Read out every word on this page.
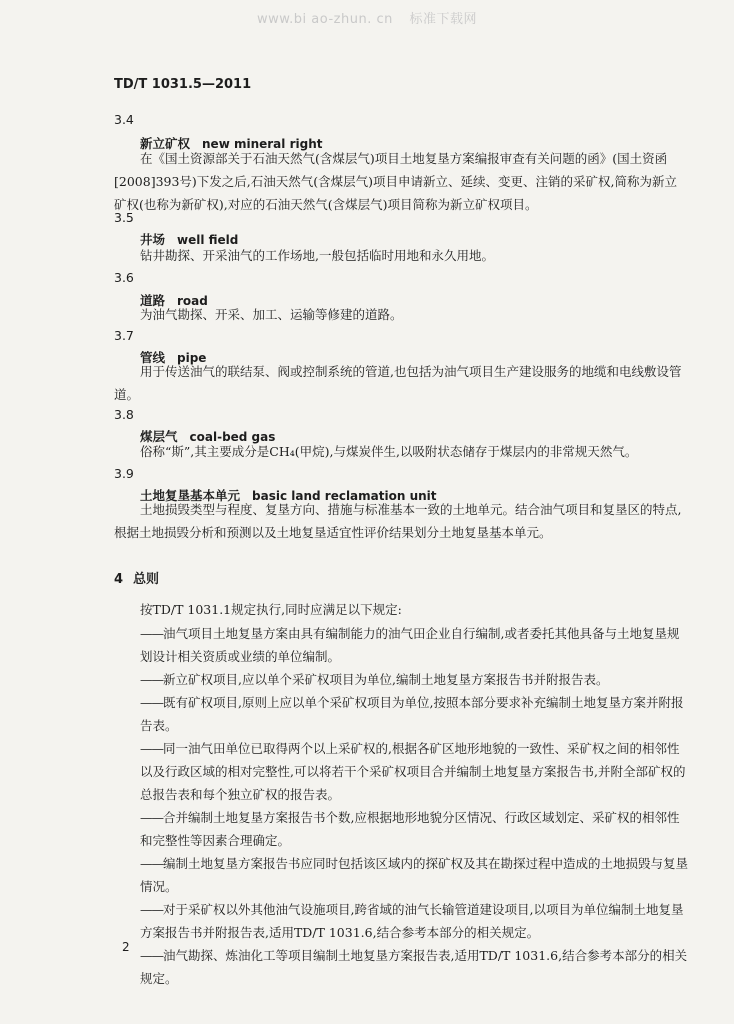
www.bi ao-zhun. cn 标准下载网
TD/T 1031.5—2011
3.4
新立矿权 new mineral right
在《国土资源部关于石油天然气(含煤层气)项目土地复垦方案编报审查有关问题的函》(国土资函[2008]393号)下发之后,石油天然气(含煤层气)项目申请新立、延续、变更、注销的采矿权,简称为新立矿权(也称为新矿权),对应的石油天然气(含煤层气)项目简称为新立矿权项目。
3.5
井场 well field
钻井勘探、开采油气的工作场地,一般包括临时用地和永久用地。
3.6
道路 road
为油气勘探、开采、加工、运输等修建的道路。
3.7
管线 pipe
用于传送油气的联结泵、阀或控制系统的管道,也包括为油气项目生产建设服务的地缆和电线敷设管道。
3.8
煤层气 coal-bed gas
俗称“斯”,其主要成分是CH₄(甲烷),与煤炭伴生,以吸附状态储存于煤层内的非常规天然气。
3.9
土地复垦基本单元 basic land reclamation unit
土地损毁类型与程度、复垦方向、措施与标准基本一致的土地单元。结合油气项目和复垦区的特点,根据土地损毁分析和预测以及土地复垦适宜性评价结果划分土地复垦基本单元。
4 总则
按TD/T 1031.1规定执行,同时应满足以下规定:
——油气项目土地复垦方案由具有编制能力的油气田企业自行编制,或者委托其他具备与土地复垦规划设计相关资质或业绩的单位编制。
——新立矿权项目,应以单个采矿权项目为单位,编制土地复垦方案报告书并附报告表。
——既有矿权项目,原则上应以单个采矿权项目为单位,按照本部分要求补充编制土地复垦方案并附报告表。
——同一油气田单位已取得两个以上采矿权的,根据各矿区地形地貌的一致性、采矿权之间的相邻性以及行政区域的相对完整性,可以将若干个采矿权项目合并编制土地复垦方案报告书,并附全部矿权的总报告表和每个独立矿权的报告表。
——合并编制土地复垦方案报告书个数,应根据地形地貌分区情况、行政区域划定、采矿权的相邻性和完整性等因素合理确定。
——编制土地复垦方案报告书应同时包括该区域内的探矿权及其在勘探过程中造成的土地损毁与复垦情况。
——对于采矿权以外其他油气设施项目,跨省域的油气长输管道建设项目,以项目为单位编制土地复垦方案报告书并附报告表,适用TD/T 1031.6,结合参考本部分的相关规定。
——油气勘探、炼油化工等项目编制土地复垦方案报告表,适用TD/T 1031.6,结合参考本部分的相关规定。
2
